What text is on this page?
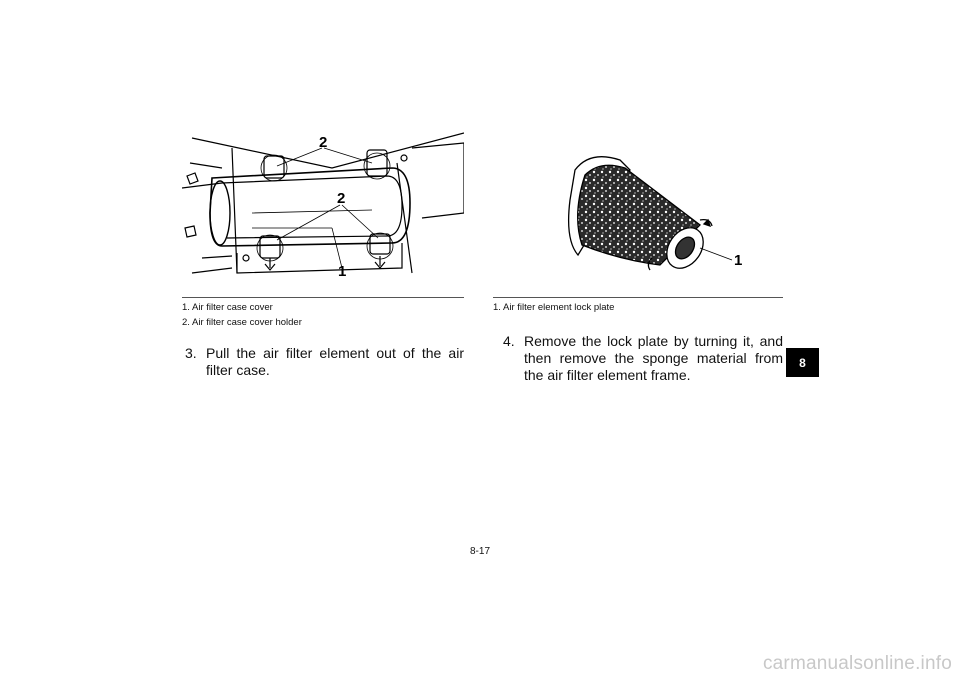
2
2
1
1
1. Air filter case cover
2. Air filter case cover holder
1. Air filter element lock plate
3. Pull the air filter element out of the air filter case.
4. Remove the lock plate by turning it, and then remove the sponge material from the air filter element frame.
8
8-17
carmanualsonline.info
